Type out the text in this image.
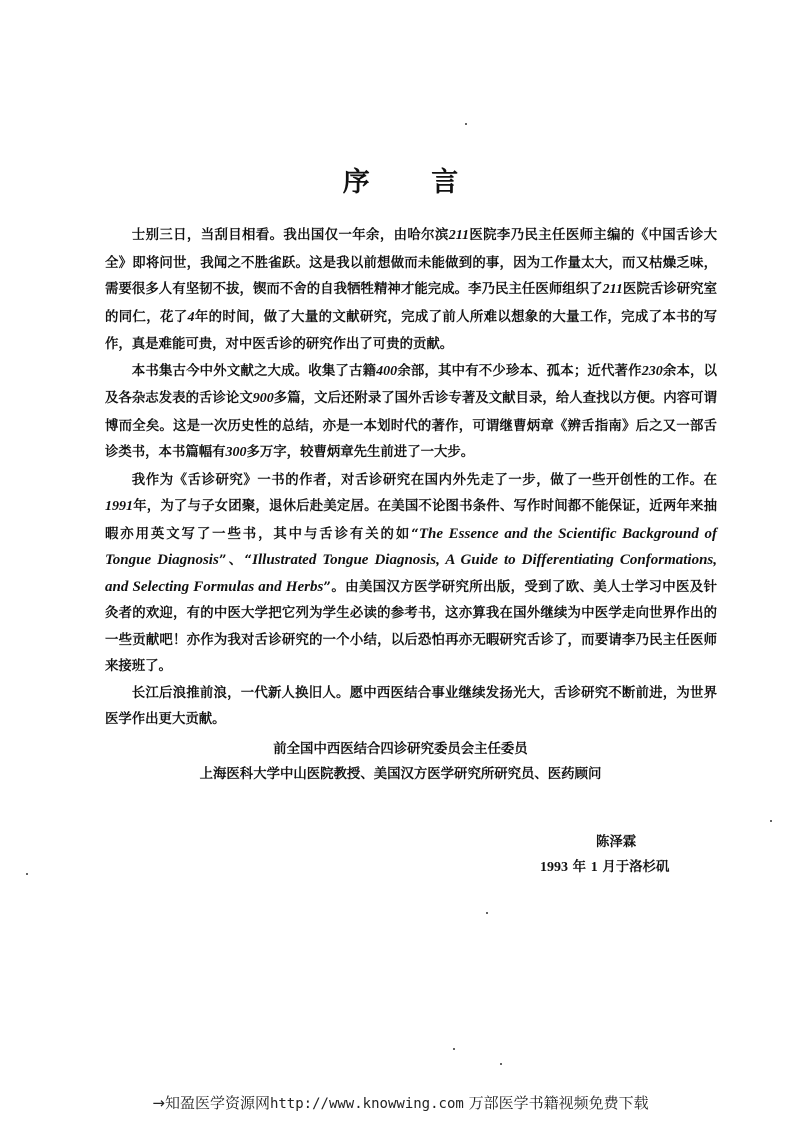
序 言

士别三日，当刮目相看。我出国仅一年余，由哈尔滨211医院李乃民主任医师主编的《中国舌诊大全》即将问世，我闻之不胜雀跃。这是我以前想做而未能做到的事，因为工作量太大，而又枯燥乏味，需要很多人有坚韧不拔，锲而不舍的自我牺牲精神才能完成。李乃民主任医师组织了211医院舌诊研究室的同仁，花了4年的时间，做了大量的文献研究，完成了前人所难以想象的大量工作，完成了本书的写作，真是难能可贵，对中医舌诊的研究作出了可贵的贡献。

本书集古今中外文献之大成。收集了古籍400余部，其中有不少珍本、孤本；近代著作230余本，以及各杂志发表的舌诊论文900多篇，文后还附录了国外舌诊专著及文献目录，给人查找以方便。内容可谓博而全矣。这是一次历史性的总结，亦是一本划时代的著作，可谓继曹炳章《辨舌指南》后之又一部舌诊类书，本书篇幅有300多万字，较曹炳章先生前进了一大步。

我作为《舌诊研究》一书的作者，对舌诊研究在国内外先走了一步，做了一些开创性的工作。在1991年，为了与子女团聚，退休后赴美定居。在美国不论图书条件、写作时间都不能保证，近两年来抽暇亦用英文写了一些书，其中与舌诊有关的如“The Essence and the Scientific Background of Tongue Diagnosis”、“Illustrated Tongue Diagnosis, A Guide to Differentiating Conformations, and Selecting Formulas and Herbs”。由美国汉方医学研究所出版，受到了欧、美人士学习中医及针灸者的欢迎，有的中医大学把它列为学生必读的参考书，这亦算我在国外继续为中医学走向世界作出的一些贡献吧！亦作为我对舌诊研究的一个小结，以后恐怕再亦无暇研究舌诊了，而要请李乃民主任医师来接班了。

长江后浪推前浪，一代新人换旧人。愿中西医结合事业继续发扬光大，舌诊研究不断前进，为世界医学作出更大贡献。

前全国中西医结合四诊研究委员会主任委员
上海医科大学中山医院教授、美国汉方医学研究所研究员、医药顾问
陈泽霖
1993 年 1 月于洛杉矶
→知盈医学资源网http://www.knowwing.com 万部医学书籍视频免费下载
